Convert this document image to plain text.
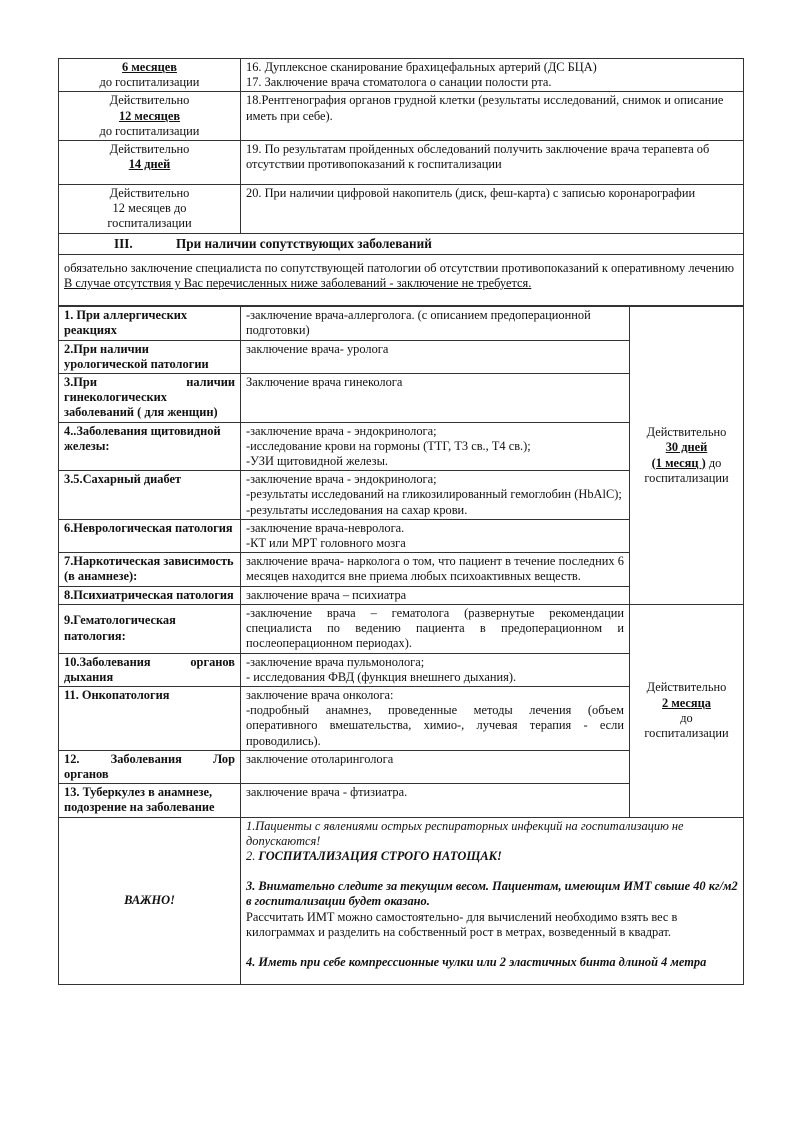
6 месяцев
до госпитализации	16. Дуплексное сканирование брахицефальных артерий (ДС БЦА)
17. Заключение врача стоматолога о санации полости рта.

Действительно
12 месяцев
до госпитализации	18.Рентгенография органов грудной клетки (результаты исследований, снимок и описание иметь при себе).

Действительно
14 дней	19. По результатам пройденных обследований получить заключение врача терапевта об отсутствии противопоказаний к госпитализации

Действительно
12 месяцев до
госпитализации	20. При наличии цифровой накопитель (диск, феш-карта) с записью коронарографии

III. При наличии сопутствующих заболеваний	

обязательно заключение специалиста по сопутствующей патологии об отсутствии противопоказаний к оперативному лечению
В случае отсутствия у Вас перечисленных ниже заболеваний - заключение не требуется.	
1. При аллергических реакциях	-заключение врача-аллерголога. (с описанием предоперационной подготовки)	Действительно
30 дней
(1 месяц ) до
госпитализации

2.При наличии урологической патологии	заключение врача- уролога	

3.При наличии
гинекологических заболеваний ( для женщин)	Заключение врача гинеколога	
4..Заболевания щитовидной железы:	-заключение врача - эндокринолога;
-исследование крови на гормоны (ТТГ, Т3 св., Т4 св.);
-УЗИ щитовидной железы.	

3.5.Сахарный диабет	-заключение врача - эндокринолога;
-результаты исследований на гликозилированный гемоглобин (HbAlC);
-результаты исследования на сахар крови.	

6.Неврологическая патология	-заключение врача-невролога.
-КТ или МРТ головного мозга	

7.Наркотическая зависимость (в анамнезе):	заключение врача- нарколога о том, что пациент в течение последних 6 месяцев находится вне приема любых психоактивных веществ.	
8.Психиатрическая патология	заключение врача – психиатра	
9.Гематологическая патология:	-заключение врача – гематолога (развернутые рекомендации специалиста по ведению пациента в предоперационном и послеоперационном периодах).	Действительно
2 месяца
до
госпитализации

10.Заболевания органов
дыхания	-заключение врача пульмонолога;
- исследования ФВД (функция внешнего дыхания).	

11. Онкопатология	заключение врача онколога:
-подробный анамнез, проведенные методы лечения (объем оперативного вмешательства, химио-, лучевая терапия - если проводились).	

12. Заболевания Лор
органов	заключение отоларинголога	
13. Туберкулез в анамнезе, подозрение на заболевание	заключение врача - фтизиатра.	
ВАЖНО!	1.Пациенты с явлениями острых респираторных инфекций на госпитализацию не допускаются!
2. ГОСПИТАЛИЗАЦИЯ СТРОГО НАТОЩАК!
3. Внимательно следите за текущим весом. Пациентам, имеющим ИМТ свыше 40 кг/м2 в госпитализации будет оказано.
Рассчитать ИМТ можно самостоятельно- для вычислений необходимо взять вес в килограммах и разделить на собственный рост в метрах, возведенный в квадрат.
4. Иметь при себе компрессионные чулки или 2 эластичных бинта длиной 4 метра	
